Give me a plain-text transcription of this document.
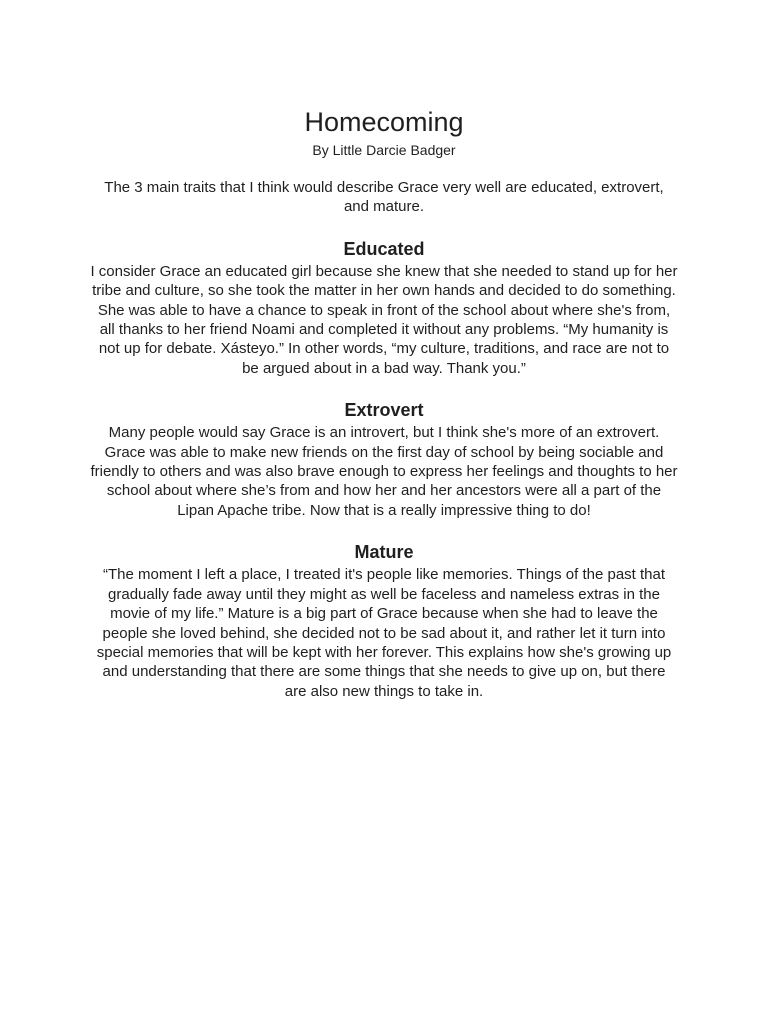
Homecoming

By Little Darcie Badger

The 3 main traits that I think would describe Grace very well are educated, extrovert, and mature.

Educated

I consider Grace an educated girl because she knew that she needed to stand up for her tribe and culture, so she took the matter in her own hands and decided to do something. She was able to have a chance to speak in front of the school about where she's from, all thanks to her friend Noami and completed it without any problems. “My humanity is not up for debate. Xásteyo.” In other words, “my culture, traditions, and race are not to be argued about in a bad way. Thank you.”

Extrovert

Many people would say Grace is an introvert, but I think she's more of an extrovert. Grace was able to make new friends on the first day of school by being sociable and friendly to others and was also brave enough to express her feelings and thoughts to her school about where she’s from and how her and her ancestors were all a part of the Lipan Apache tribe. Now that is a really impressive thing to do!

Mature

“The moment I left a place, I treated it's people like memories. Things of the past that gradually fade away until they might as well be faceless and nameless extras in the movie of my life.” Mature is a big part of Grace because when she had to leave the people she loved behind, she decided not to be sad about it, and rather let it turn into special memories that will be kept with her forever. This explains how she's growing up and understanding that there are some things that she needs to give up on, but there are also new things to take in.
